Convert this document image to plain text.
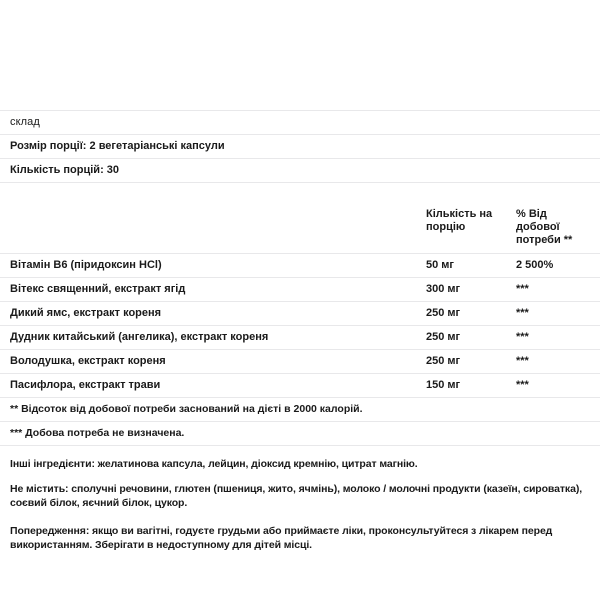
склад
Розмір порції: 2 вегетаріанські капсули
Кількість порцій: 30
Кількість на порцію
% Від добової потреби **
Вітамін B6 (піридоксин HCl)	50 мг	2 500%
Вітекс священний, екстракт ягід	300 мг	***
Дикий ямс, екстракт кореня	250 мг	***
Дудник китайський (ангелика), екстракт кореня	250 мг	***
Володушка, екстракт кореня	250 мг	***
Пасифлора, екстракт трави	150 мг	***
** Відсоток від добової потреби заснований на дієті в 2000 калорій.
*** Добова потреба не визначена.
Інші інгредієнти: желатинова капсула, лейцин, діоксид кремнію, цитрат магнію.
Не містить: сполучні речовини, глютен (пшениця, жито, ячмінь), молоко / молочні продукти (казеїн, сироватка), соєвий білок, яєчний білок, цукор.
Попередження: якщо ви вагітні, годуєте грудьми або приймаєте ліки, проконсультуйтеся з лікарем перед використанням. Зберігати в недоступному для дітей місці.
